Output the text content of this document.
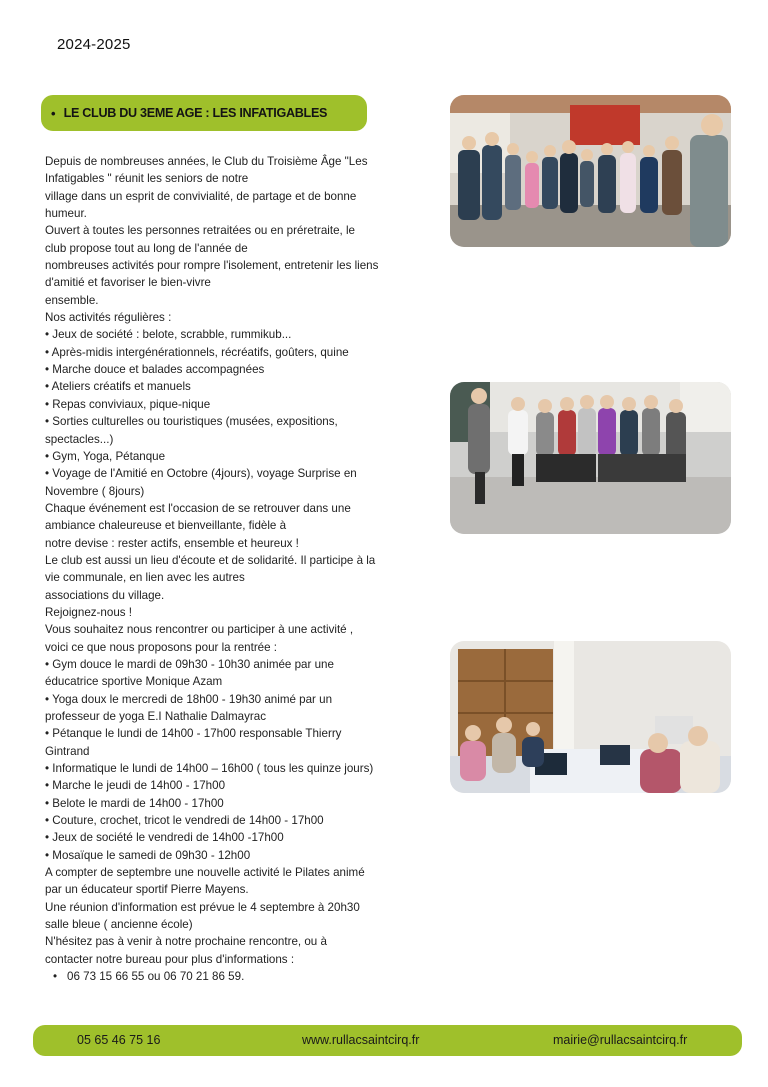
2024-2025
• LE CLUB DU 3EME AGE : LES INFATIGABLES
Depuis de nombreuses années, le Club du Troisième Âge "Les
Infatigables " réunit les seniors de notre
village dans un esprit de convivialité, de partage et de bonne
humeur.
Ouvert à toutes les personnes retraitées ou en préretraite, le
club propose tout au long de l'année de
nombreuses activités pour rompre l'isolement, entretenir les liens
d'amitié et favoriser le bien-vivre
ensemble.
Nos activités régulières :
• Jeux de société : belote, scrabble, rummikub...
• Après-midis intergénérationnels, récréatifs, goûters, quine
• Marche douce et balades accompagnées
• Ateliers créatifs et manuels
• Repas conviviaux, pique-nique
• Sorties culturelles ou touristiques (musées, expositions,
spectacles...)
• Gym, Yoga, Pétanque
• Voyage de l'Amitié en Octobre (4jours), voyage Surprise en
Novembre ( 8jours)
Chaque événement est l'occasion de se retrouver dans une
ambiance chaleureuse et bienveillante, fidèle à
notre devise : rester actifs, ensemble et heureux !
Le club est aussi un lieu d'écoute et de solidarité. Il participe à la
vie communale, en lien avec les autres
associations du village.
Rejoignez-nous !
Vous souhaitez nous rencontrer ou participer à une activité ,
voici ce que nous proposons pour la rentrée :
• Gym douce le mardi de 09h30 - 10h30 animée par une
éducatrice sportive Monique Azam
• Yoga doux le mercredi de 18h00 - 19h30 animé par un
professeur de yoga E.I Nathalie Dalmayrac
• Pétanque le lundi de 14h00 - 17h00 responsable Thierry
Gintrand
• Informatique le lundi de 14h00 – 16h00 ( tous les quinze jours)
• Marche le jeudi de 14h00 - 17h00
• Belote le mardi de 14h00 - 17h00
• Couture, crochet, tricot le vendredi de 14h00 - 17h00
• Jeux de société le vendredi de 14h00 -17h00
• Mosaïque le samedi de 09h30 - 12h00
A compter de septembre une nouvelle activité le Pilates animé
par un éducateur sportif Pierre Mayens.
Une réunion d'information est prévue le 4 septembre à 20h30
salle bleue ( ancienne école)
N'hésitez pas à venir à notre prochaine rencontre, ou à
contacter notre bureau pour plus d'informations :
• 06 73 15 66 55 ou 06 70 21 86 59.
05 65 46 75 16	www.rullacsaintcirq.fr	mairie@rullacsaintcirq.fr
